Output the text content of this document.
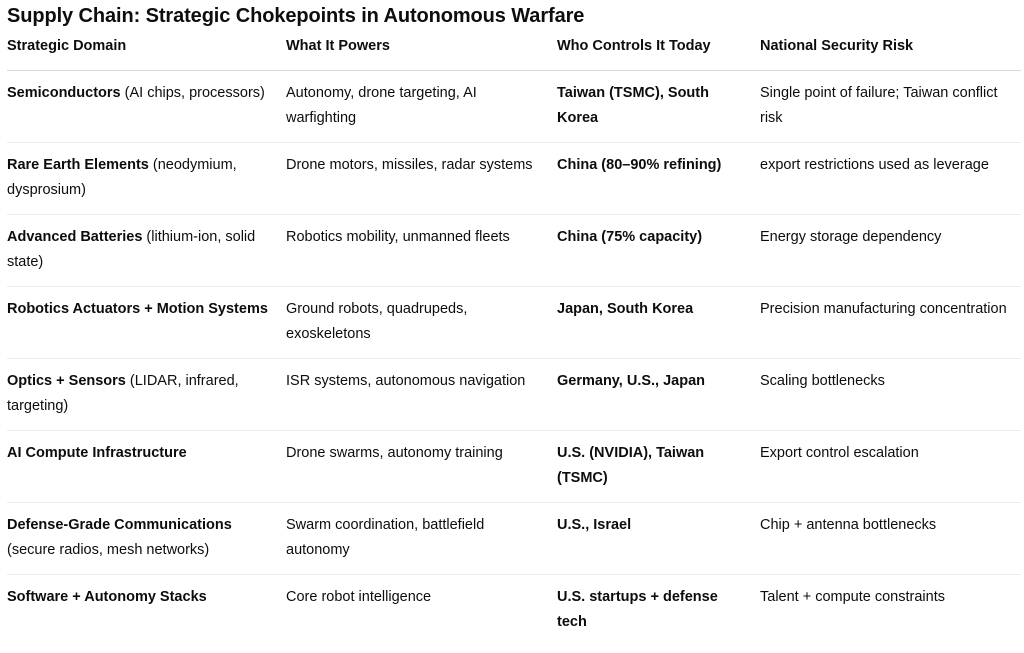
Supply Chain: Strategic Chokepoints in Autonomous Warfare
Strategic Domain	What It Powers	Who Controls It Today	National Security Risk
Semiconductors (AI chips, processors)	Autonomy, drone targeting, AI warfighting	Taiwan (TSMC), South Korea	Single point of failure; Taiwan conflict risk
Rare Earth Elements (neodymium, dysprosium)	Drone motors, missiles, radar systems	China (80–90% refining)	export restrictions used as leverage
Advanced Batteries (lithium-ion, solid state)	Robotics mobility, unmanned fleets	China (75% capacity)	Energy storage dependency
Robotics Actuators + Motion Systems	Ground robots, quadrupeds, exoskeletons	Japan, South Korea	Precision manufacturing concentration
Optics + Sensors (LIDAR, infrared, targeting)	ISR systems, autonomous navigation	Germany, U.S., Japan	Scaling bottlenecks
AI Compute Infrastructure	Drone swarms, autonomy training	U.S. (NVIDIA), Taiwan (TSMC)	Export control escalation
Defense-Grade Communications (secure radios, mesh networks)	Swarm coordination, battlefield autonomy	U.S., Israel	Chip + antenna bottlenecks
Software + Autonomy Stacks	Core robot intelligence	U.S. startups + defense tech	Talent + compute constraints
